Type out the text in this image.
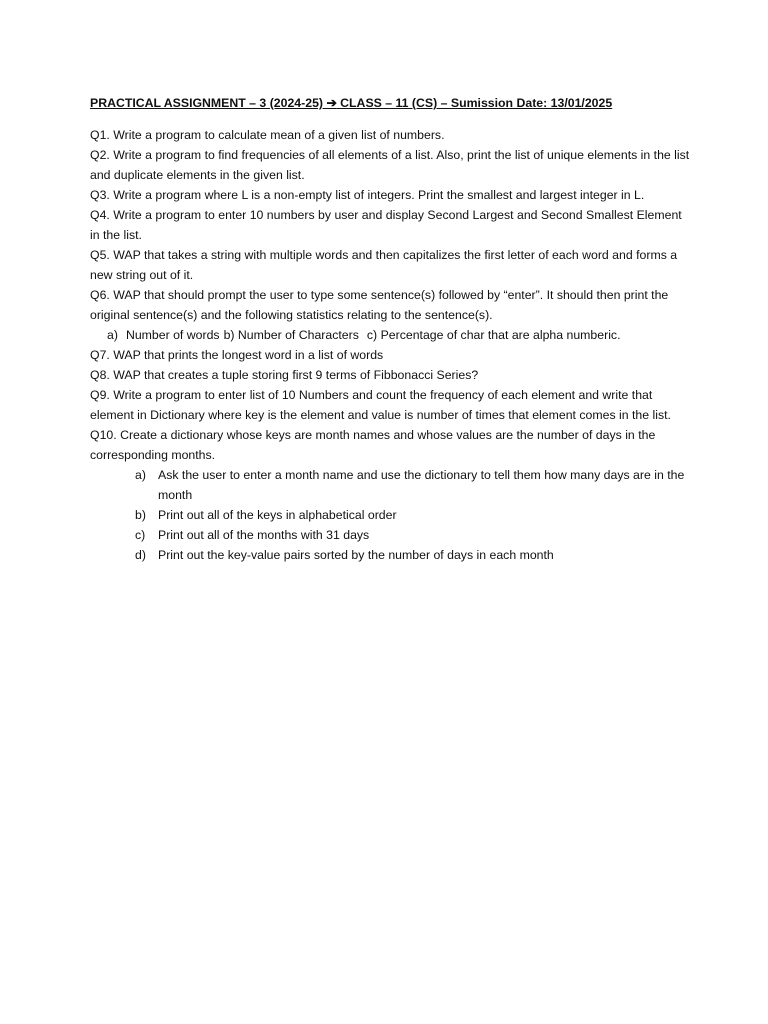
PRACTICAL ASSIGNMENT – 3 (2024-25) ➔ CLASS – 11 (CS) – Sumission Date: 13/01/2025

Q1. Write a program to calculate mean of a given list of numbers.

Q2. Write a program to find frequencies of all elements of a list. Also, print the list of unique elements in the list and duplicate elements in the given list.

Q3. Write a program where L is a non-empty list of integers. Print the smallest and largest integer in L.

Q4. Write a program to enter 10 numbers by user and display Second Largest and Second Smallest Element in the list.

Q5. WAP that takes a string with multiple words and then capitalizes the first letter of each word and forms a new string out of it.

Q6. WAP that should prompt the user to type some sentence(s) followed by “enter”. It should then print the original sentence(s) and the following statistics relating to the sentence(s).

a) Number of words b) Number of Characters c) Percentage of char that are alpha numberic.

Q7. WAP that prints the longest word in a list of words

Q8. WAP that creates a tuple storing first 9 terms of Fibbonacci Series?

Q9. Write a program to enter list of 10 Numbers and count the frequency of each element and write that element in Dictionary where key is the element and value is number of times that element comes in the list.

Q10. Create a dictionary whose keys are month names and whose values are the number of days in the corresponding months.

a) Ask the user to enter a month name and use the dictionary to tell them how many days are in the month
b) Print out all of the keys in alphabetical order
c) Print out all of the months with 31 days
d) Print out the key-value pairs sorted by the number of days in each month
